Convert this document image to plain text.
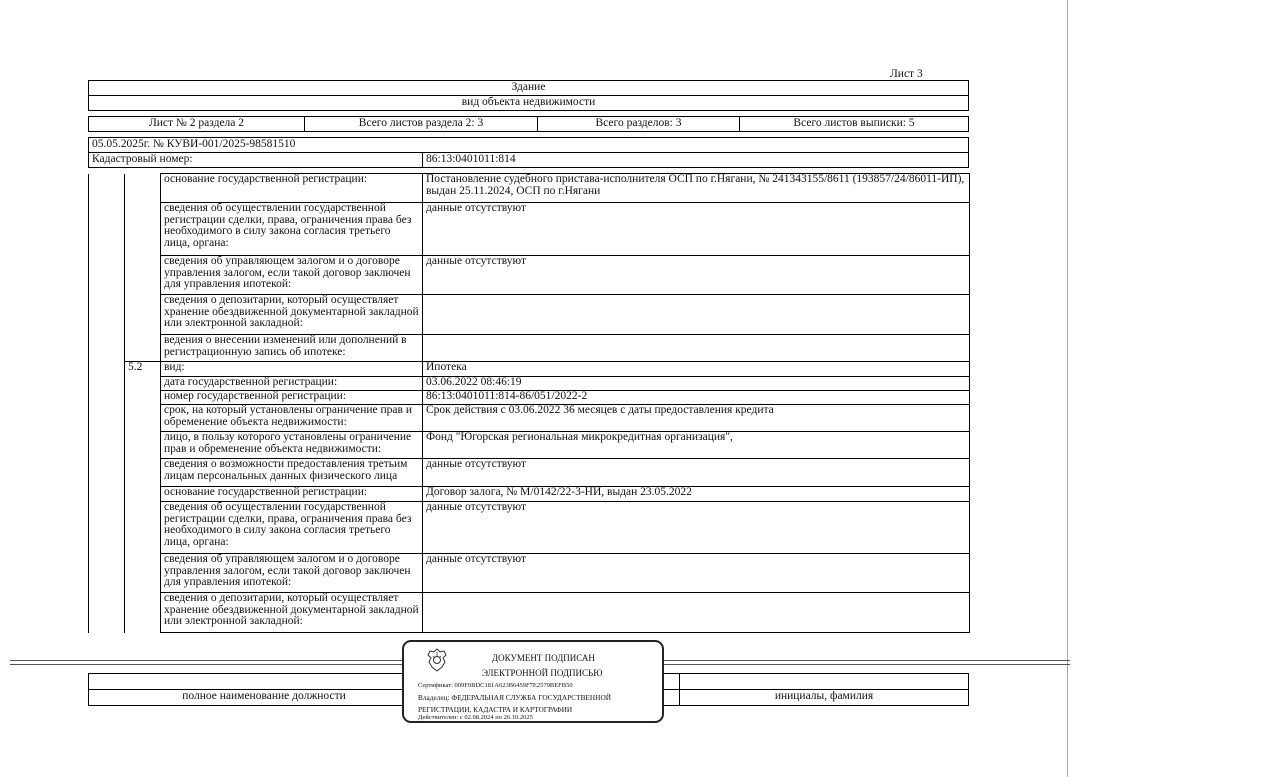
Лист 3
Здание
вид объекта недвижимости
Лист № 2 раздела 2	Всего листов раздела 2: 3	Всего разделов: 3	Всего листов выписки: 5
05.05.2025г. № КУВИ-001/2025-98581510
Кадастровый номер:	86:13:0401011:814
		основание государственной регистрации:	Постановление судебного пристава-исполнителя ОСП по г.Нягани, № 241343155/8611 (193857/24/86011-ИП), выдан 25.11.2024, ОСП по г.Нягани
		сведения об осуществлении государственной регистрации сделки, права, ограничения права без необходимого в силу закона согласия третьего лица, органа:	данные отсутствуют
		сведения об управляющем залогом и о договоре управления залогом, если такой договор заключен для управления ипотекой:	данные отсутствуют
		сведения о депозитарии, который осуществляет хранение обездвиженной документарной закладной или электронной закладной:	
		ведения о внесении изменений или дополнений в регистрационную запись об ипотеке:	
	5.2	вид:	Ипотека
		дата государственной регистрации:	03.06.2022 08:46:19
		номер государственной регистрации:	86:13:0401011:814-86/051/2022-2
		срок, на который установлены ограничение прав и обременение объекта недвижимости:	Срок действия с 03.06.2022 36 месяцев с даты предоставления кредита
		лицо, в пользу которого установлены ограничение прав и обременение объекта недвижимости:	Фонд "Югорская региональная микрокредитная организация",
		сведения о возможности предоставления третьим лицам персональных данных физического лица	данные отсутствуют
		основание государственной регистрации:	Договор залога, № М/0142/22-3-НИ, выдан 23.05.2022
		сведения об осуществлении государственной регистрации сделки, права, ограничения права без необходимого в силу закона согласия третьего лица, органа:	данные отсутствуют
		сведения об управляющем залогом и о договоре управления залогом, если такой договор заключен для управления ипотекой:	данные отсутствуют
		сведения о депозитарии, который осуществляет хранение обездвиженной документарной закладной или электронной закладной:	
полное наименование должности	инициалы, фамилия
ДОКУМЕНТ ПОДПИСАН
ЭЛЕКТРОННОЙ ПОДПИСЬЮ
Сертификат: 009F0BDC181A623B6459F7E2579BEFB50
Владелец: ФЕДЕРАЛЬНАЯ СЛУЖБА ГОСУДАРСТВЕННОЙ
РЕГИСТРАЦИИ, КАДАСТРА И КАРТОГРАФИИ
Действителен: с 02.08.2024 по 26.10.2025
